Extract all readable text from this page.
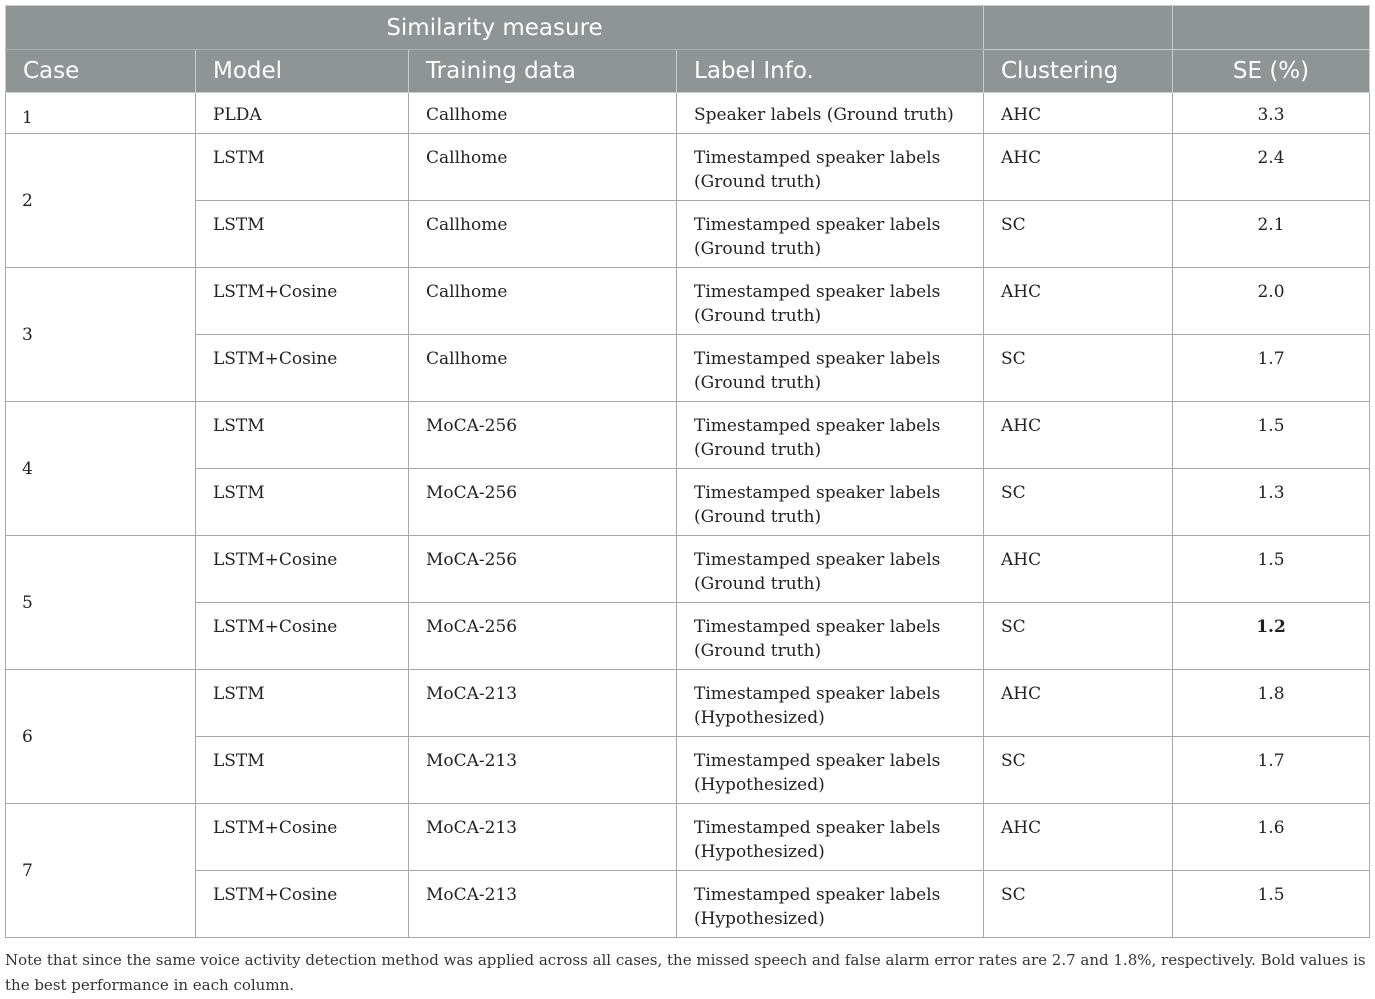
Similarity measure					
Case	Model	Training data	Label Info.	Clustering	SE (%)
1	PLDA	Callhome	Speaker labels (Ground truth)	AHC	3.3
2	LSTM	Callhome	Timestamped speaker labels
(Ground truth)	AHC	2.4
	LSTM	Callhome	Timestamped speaker labels
(Ground truth)	SC	2.1
3	LSTM+Cosine	Callhome	Timestamped speaker labels
(Ground truth)	AHC	2.0
	LSTM+Cosine	Callhome	Timestamped speaker labels
(Ground truth)	SC	1.7
4	LSTM	MoCA-256	Timestamped speaker labels
(Ground truth)	AHC	1.5
	LSTM	MoCA-256	Timestamped speaker labels
(Ground truth)	SC	1.3
5	LSTM+Cosine	MoCA-256	Timestamped speaker labels
(Ground truth)	AHC	1.5
	LSTM+Cosine	MoCA-256	Timestamped speaker labels
(Ground truth)	SC	1.2
6	LSTM	MoCA-213	Timestamped speaker labels
(Hypothesized)	AHC	1.8
	LSTM	MoCA-213	Timestamped speaker labels
(Hypothesized)	SC	1.7
7	LSTM+Cosine	MoCA-213	Timestamped speaker labels
(Hypothesized)	AHC	1.6
	LSTM+Cosine	MoCA-213	Timestamped speaker labels
(Hypothesized)	SC	1.5
Note that since the same voice activity detection method was applied across all cases, the missed speech and false alarm error rates are 2.7 and 1.8%, respectively. Bold values is the best performance in each column.
